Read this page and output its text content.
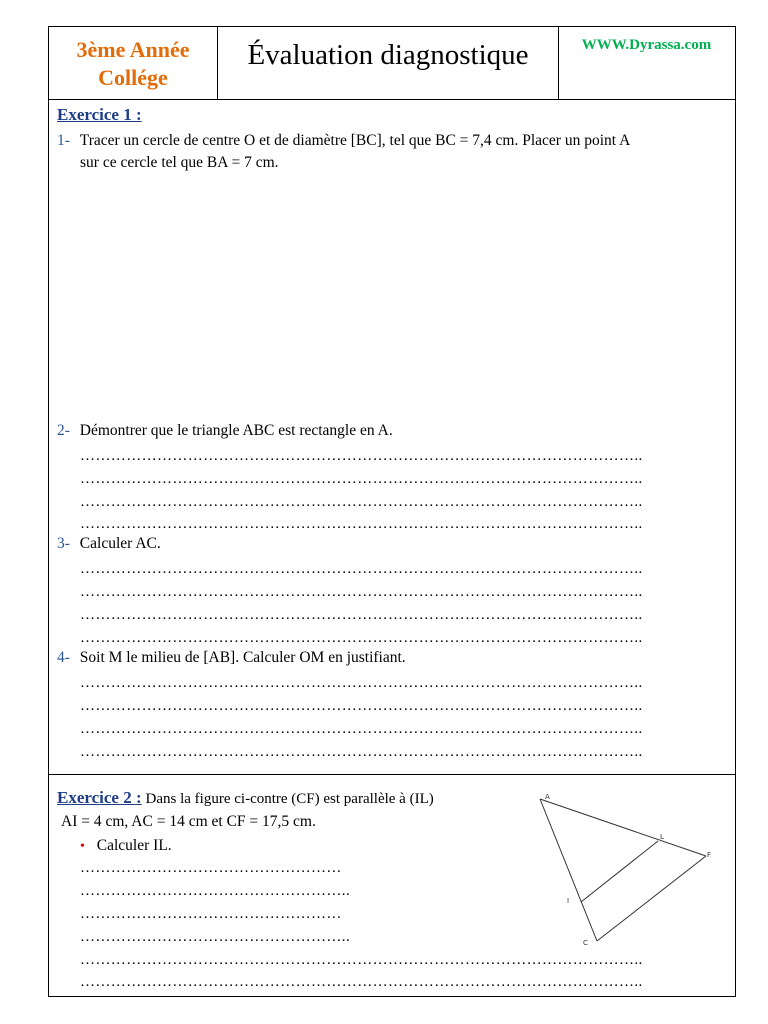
3ème Année
Collége
Évaluation diagnostique	WWW.Dyrassa.com
Exercice 1 :
1- Tracer un cercle de centre O et de diamètre [BC], tel que BC = 7,4 cm. Placer un point A
sur ce cercle tel que BA = 7 cm.
2- Démontrer que le triangle ABC est rectangle en A.
………………………………………………………………………………………………..
………………………………………………………………………………………………..
………………………………………………………………………………………………..
………………………………………………………………………………………………..
3- Calculer AC.
………………………………………………………………………………………………..
………………………………………………………………………………………………..
………………………………………………………………………………………………..
………………………………………………………………………………………………..
4- Soit M le milieu de [AB]. Calculer OM en justifiant.
………………………………………………………………………………………………..
………………………………………………………………………………………………..
………………………………………………………………………………………………..
………………………………………………………………………………………………..
Exercice 2 : Dans la figure ci-contre (CF) est parallèle à (IL)
AI = 4 cm, AC = 14 cm et CF = 17,5 cm.
• Calculer IL.
……………………………………………
……………………………………………..
……………………………………………
……………………………………………..
………………………………………………………………………………………………..
………………………………………………………………………………………………..
A
L
F
I
C
